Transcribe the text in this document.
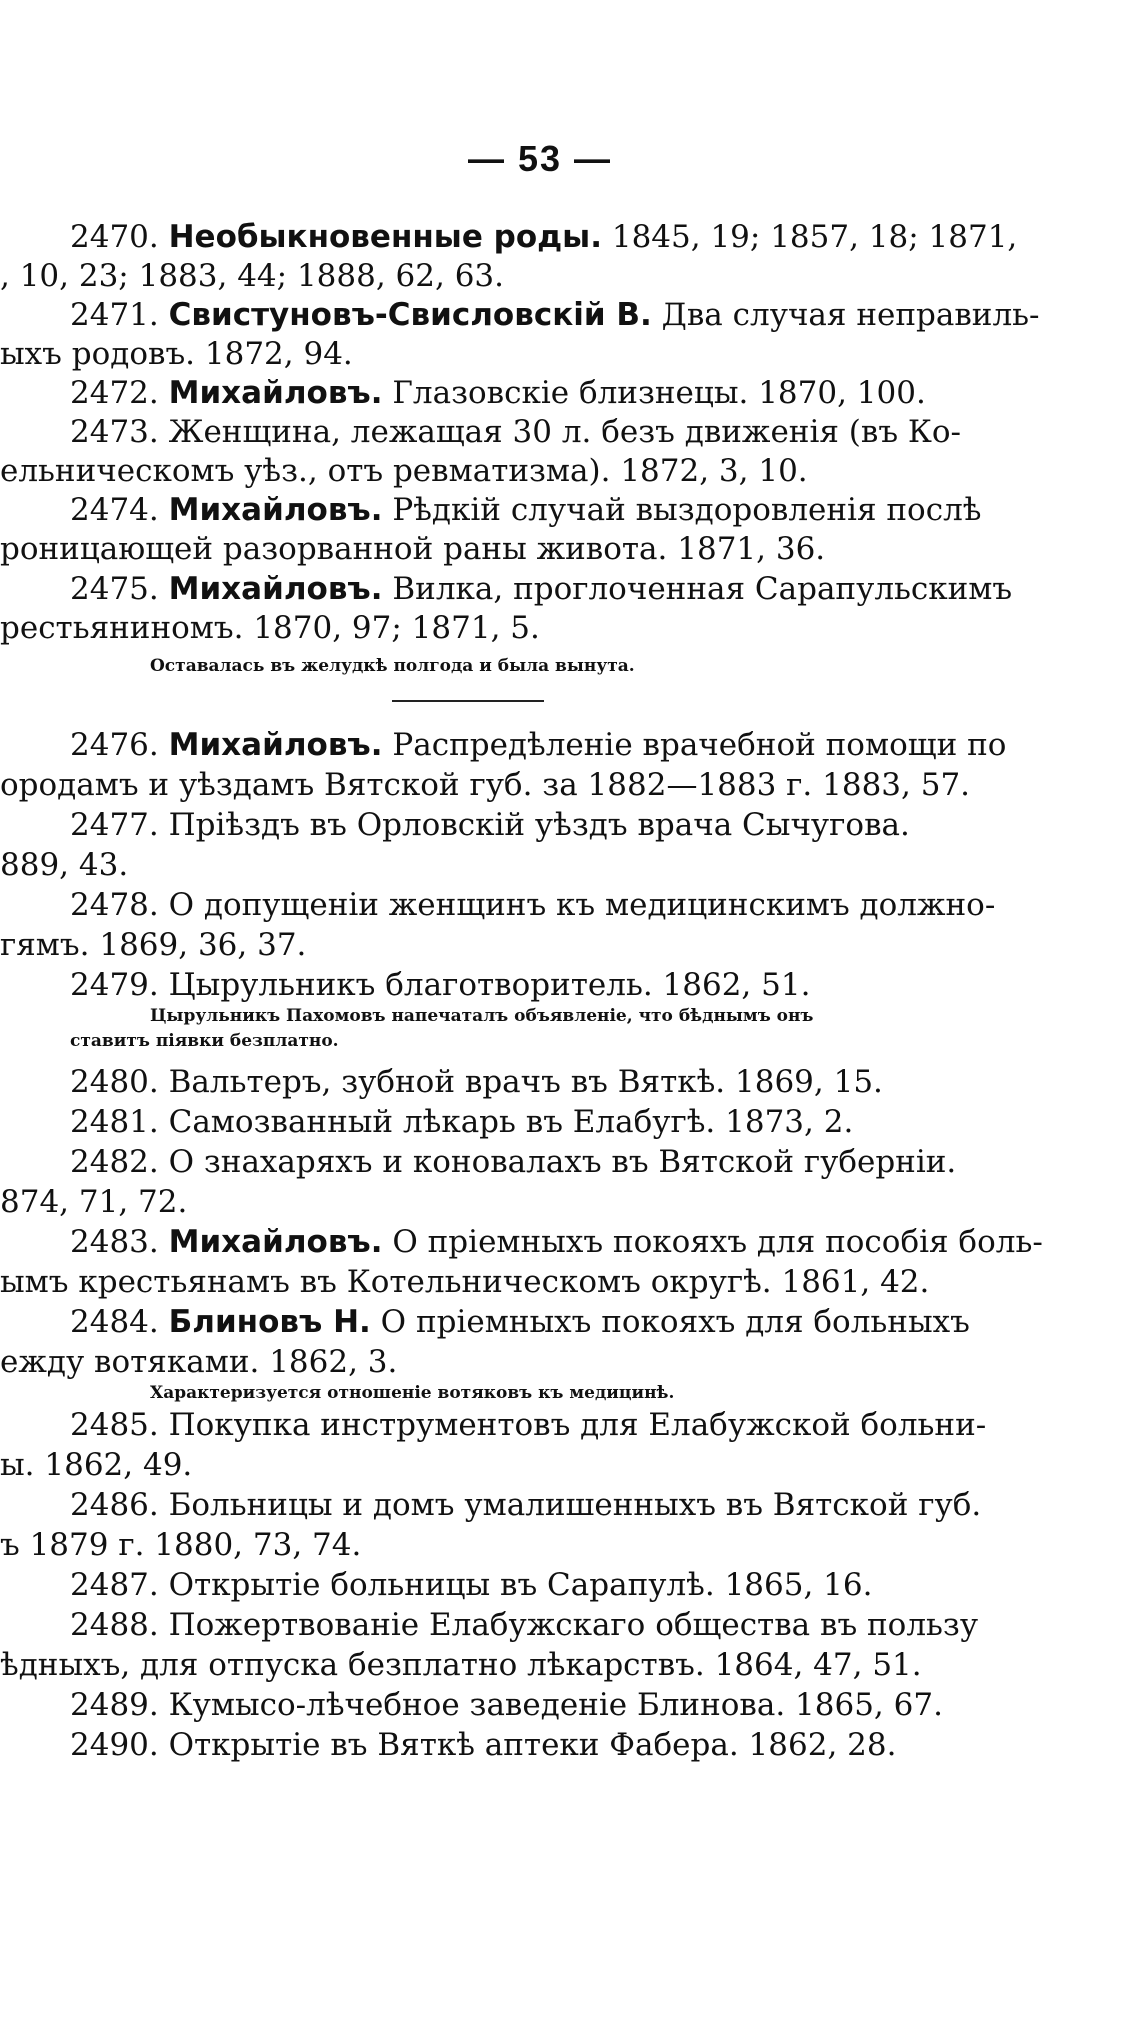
— 53 —
2470. Необыкновенные роды. 1845, 19; 1857, 18; 1871,
, 10, 23; 1883, 44; 1888, 62, 63.
2471. Свистуновъ-Свисловскій В. Два случая неправиль-
ыхъ родовъ. 1872, 94.
2472. Михайловъ. Глазовскіе близнецы. 1870, 100.
2473. Женщина, лежащая 30 л. безъ движенія (въ Ко-
ельническомъ уѣз., отъ ревматизма). 1872, 3, 10.
2474. Михайловъ. Рѣдкій случай выздоровленія послѣ
роницающей разорванной раны живота. 1871, 36.
2475. Михайловъ. Вилка, проглоченная Сарапульскимъ
рестьяниномъ. 1870, 97; 1871, 5.
Оставалась въ желудкѣ полгода и была вынута.
2476. Михайловъ. Распредѣленіе врачебной помощи по
ородамъ и уѣздамъ Вятской губ. за 1882—1883 г. 1883, 57.
2477. Пріѣздъ въ Орловскій уѣздъ врача Сычугова.
889, 43.
2478. О допущеніи женщинъ къ медицинскимъ должно-
гямъ. 1869, 36, 37.
2479. Цырульникъ благотворитель. 1862, 51.
Цырульникъ Пахомовъ напечаталъ объявленіе, что бѣднымъ онъ
ставитъ піявки безплатно.
2480. Вальтеръ, зубной врачъ въ Вяткѣ. 1869, 15.
2481. Самозванный лѣкарь въ Елабугѣ. 1873, 2.
2482. О знахаряхъ и коновалахъ въ Вятской губерніи.
874, 71, 72.
2483. Михайловъ. О пріемныхъ покояхъ для пособія боль-
ымъ крестьянамъ въ Котельническомъ округѣ. 1861, 42.
2484. Блиновъ Н. О пріемныхъ покояхъ для больныхъ
ежду вотяками. 1862, 3.
Характеризуется отношеніе вотяковъ къ медицинѣ.
2485. Покупка инструментовъ для Елабужской больни-
ы. 1862, 49.
2486. Больницы и домъ умалишенныхъ въ Вятской губ.
ъ 1879 г. 1880, 73, 74.
2487. Открытіе больницы въ Сарапулѣ. 1865, 16.
2488. Пожертвованіе Елабужскаго общества въ пользу
ѣдныхъ, для отпуска безплатно лѣкарствъ. 1864, 47, 51.
2489. Кумысо-лѣчебное заведеніе Блинова. 1865, 67.
2490. Открытіе въ Вяткѣ аптеки Фабера. 1862, 28.
